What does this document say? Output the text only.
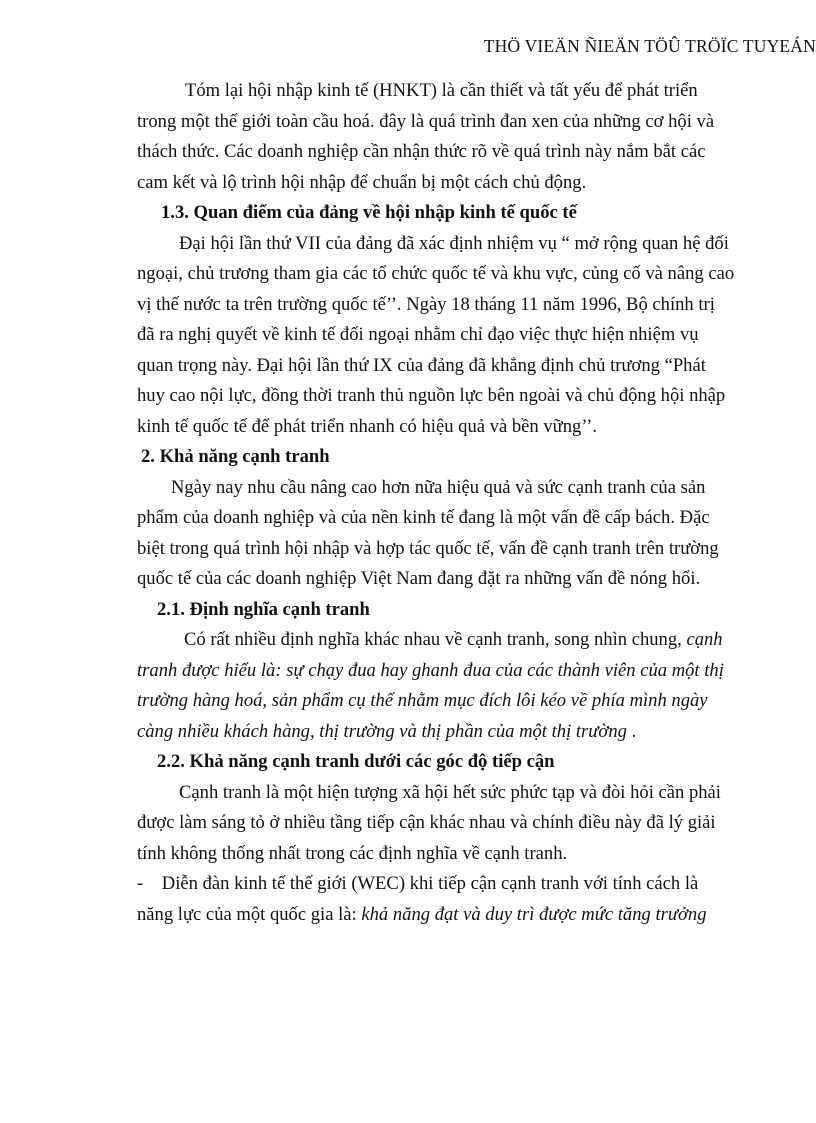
THÖ VIEÄN ÑIEÄN TÖÛ TRÖÏC TUYEÁN
Tóm lại hội nhập kinh tế (HNKT) là cần thiết và tất yếu để phát triển
trong một thế giới toàn cầu hoá. đây là quá trình đan xen của những cơ hội và
thách thức. Các doanh nghiệp cần nhận thức rõ về quá trình này nắm bắt các
cam kết và lộ trình hội nhập để chuẩn bị một cách chủ động.
1.3. Quan điểm của đảng về hội nhập kinh tế quốc tế
Đại hội lần thứ VII của đảng đã xác định nhiệm vụ “ mở rộng quan hệ đối
ngoại, chủ trương tham gia các tổ chức quốc tế và khu vực, củng cố và nâng cao
vị thế nước ta trên trường quốc tế’’. Ngày 18 tháng 11 năm 1996, Bộ chính trị
đã ra nghị quyết về kinh tế đối ngoại nhằm chỉ đạo việc thực hiện nhiệm vụ
quan trọng này. Đại hội lần thứ IX của đảng đã khẳng định chủ trương “Phát
huy cao nội lực, đồng thời tranh thủ nguồn lực bên ngoài và chủ động hội nhập
kinh tế quốc tế để phát triển nhanh có hiệu quả và bền vững’’.
2. Khả năng cạnh tranh
Ngày nay nhu cầu nâng cao hơn nữa hiệu quả và sức cạnh tranh của sản
phẩm của doanh nghiệp và của nền kinh tế đang là một vấn đề cấp bách. Đặc
biệt trong quá trình hội nhập và hợp tác quốc tế, vấn đề cạnh tranh trên trường
quốc tế của các doanh nghiệp Việt Nam đang đặt ra những vấn đề nóng hổi.
2.1. Định nghĩa cạnh tranh
Có rất nhiều định nghĩa khác nhau về cạnh tranh, song nhìn chung, cạnh
tranh được hiểu là: sự chạy đua hay ghanh đua của các thành viên của một thị
trường hàng hoá, sản phẩm cụ thể nhằm mục đích lôi kéo về phía mình ngày
càng nhiều khách hàng, thị trường và thị phần của một thị trường .
2.2. Khả năng cạnh tranh dưới các góc độ tiếp cận
Cạnh tranh là một hiện tượng xã hội hết sức phức tạp và đòi hỏi cần phải
được làm sáng tỏ ở nhiều tầng tiếp cận khác nhau và chính điều này đã lý giải
tính không thống nhất trong các định nghĩa về cạnh tranh.
-    Diễn đàn kinh tế thế giới (WEC) khi tiếp cận cạnh tranh với tính cách là
năng lực của một quốc gia là: khả năng đạt và duy trì được mức tăng trưởng
